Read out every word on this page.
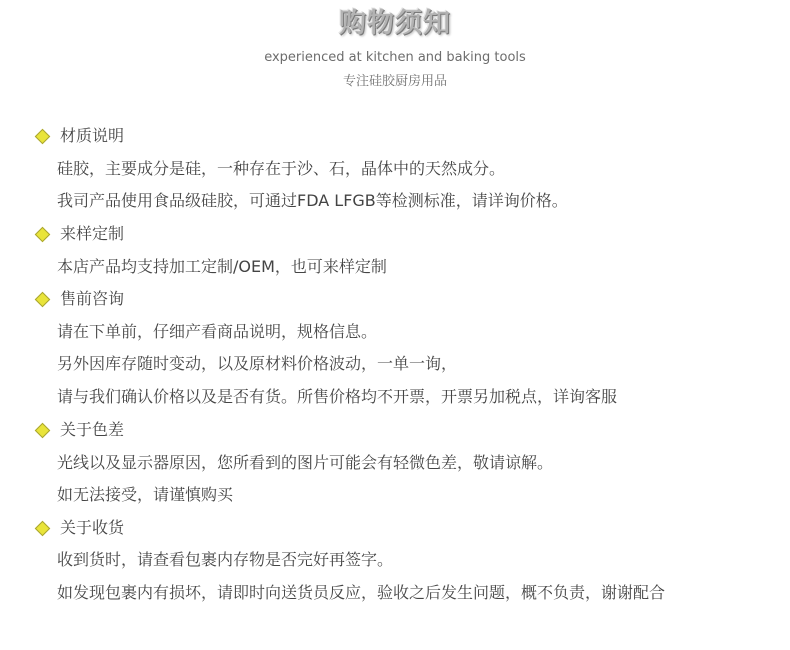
购物须知
experienced at kitchen and baking tools
专注硅胶厨房用品
材质说明
硅胶，主要成分是硅，一种存在于沙、石，晶体中的天然成分。
我司产品使用食品级硅胶，可通过FDA LFGB等检测标准，请详询价格。
来样定制
本店产品均支持加工定制/OEM，也可来样定制
售前咨询
请在下单前，仔细产看商品说明，规格信息。
另外因库存随时变动，以及原材料价格波动，一单一询，
请与我们确认价格以及是否有货。所售价格均不开票，开票另加税点，详询客服
关于色差
光线以及显示器原因，您所看到的图片可能会有轻微色差，敬请谅解。
如无法接受，请谨慎购买
关于收货
收到货时，请查看包裹内存物是否完好再签字。
如发现包裹内有损坏，请即时向送货员反应，验收之后发生问题，概不负责，谢谢配合
